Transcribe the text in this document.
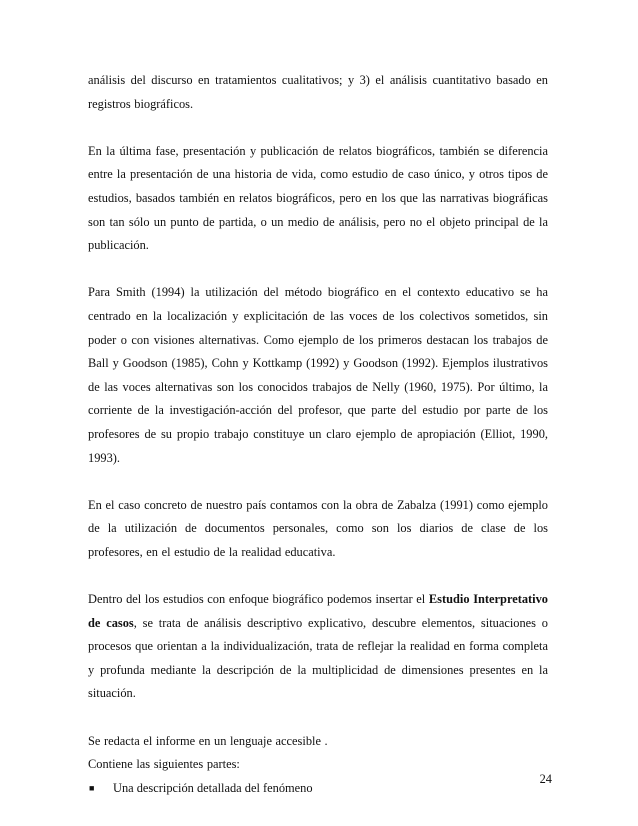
análisis del discurso en tratamientos cualitativos; y 3) el análisis cuantitativo basado en registros biográficos.

En la última fase, presentación y publicación de relatos biográficos, también se diferencia entre la presentación de una historia de vida, como estudio de caso único, y otros tipos de estudios, basados también en relatos biográficos, pero en los que las narrativas biográficas son tan sólo un punto de partida, o un medio de análisis, pero no el objeto principal de la publicación.

Para Smith (1994) la utilización del método biográfico en el contexto educativo se ha centrado en la localización y explicitación de las voces de los colectivos sometidos, sin poder o con visiones alternativas. Como ejemplo de los primeros destacan los trabajos de Ball y Goodson (1985), Cohn y Kottkamp (1992) y Goodson (1992). Ejemplos ilustrativos de las voces alternativas son los conocidos trabajos de Nelly (1960, 1975). Por último, la corriente de la investigación-acción del profesor, que parte del estudio por parte de los profesores de su propio trabajo constituye un claro ejemplo de apropiación (Elliot, 1990, 1993).

En el caso concreto de nuestro país contamos con la obra de Zabalza (1991) como ejemplo de la utilización de documentos personales, como son los diarios de clase de los profesores, en el estudio de la realidad educativa.

Dentro del los estudios con enfoque biográfico podemos insertar el Estudio Interpretativo de casos, se trata de análisis descriptivo explicativo, descubre elementos, situaciones o procesos que orientan a la individualización, trata de reflejar la realidad en forma completa y profunda mediante la descripción de la multiplicidad de dimensiones presentes en la situación.

Se redacta el informe en un lenguaje accesible .

Contiene las siguientes partes:

■	Una descripción detallada del fenómeno
24
